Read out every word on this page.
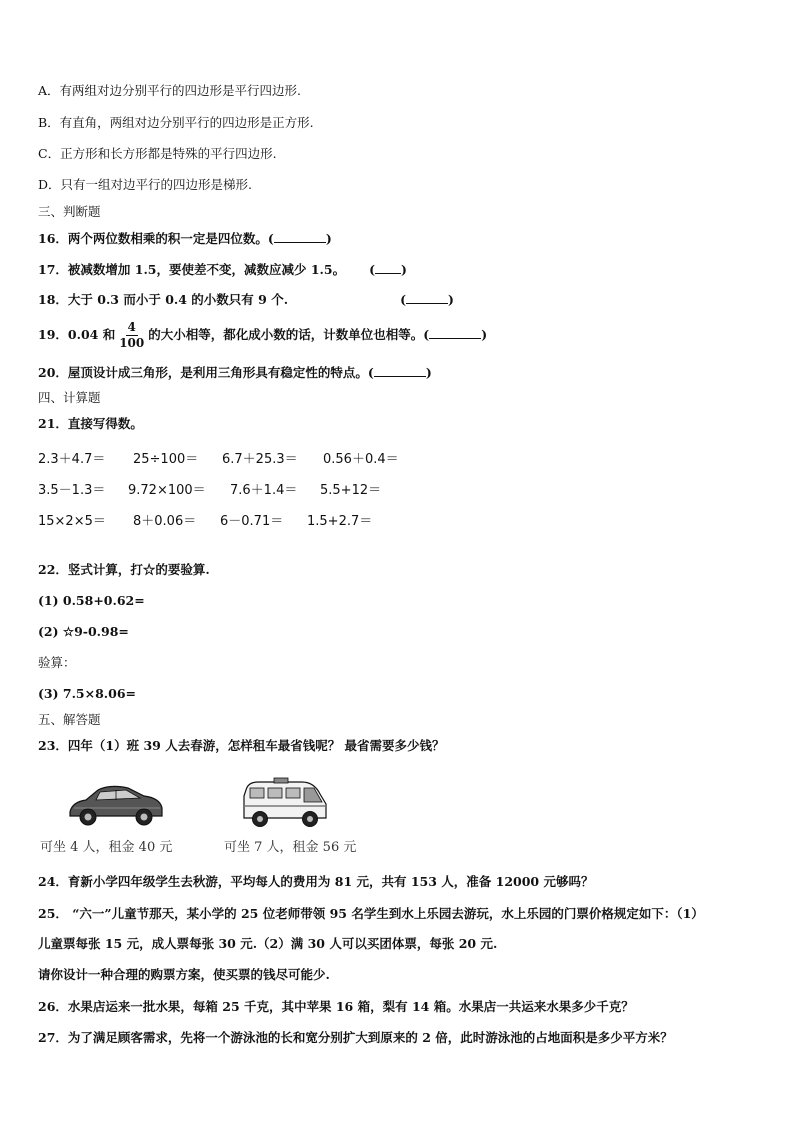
A．有两组对边分别平行的四边形是平行四边形.
B．有直角，两组对边分别平行的四边形是正方形.
C．正方形和长方形都是特殊的平行四边形.
D．只有一组对边平行的四边形是梯形.
三、判断题
16．两个两位数相乘的积一定是四位数。(	)
17．被减数增加 1.5，要使差不变，减数应减少 1.5。 ( )
18．大于 0.3 而小于 0.4 的小数只有 9 个.	(	)
19．0.04 和 $\frac{4}{100}$ 的大小相等，都化成小数的话，计数单位也相等。(	)
20．屋顶设计成三角形，是利用三角形具有稳定性的特点。(	)
四、计算题
21．直接写得数。
2.3＋4.7＝ 25÷100＝ 6.7＋25.3＝ 0.56＋0.4＝
3.5－1.3＝ 9.72×100＝ 7.6＋1.4＝ 5.5+12＝
15×2×5＝ 8＋0.06＝ 6－0.71＝ 1.5+2.7＝
22．竖式计算，打☆的要验算.
(1) 0.58+0.62=
(2) ☆9-0.98=
验算：
(3) 7.5×8.06=
五、解答题
23．四年（1）班 39 人去春游，怎样租车最省钱呢？ 最省需要多少钱？
可坐 4 人，租金 40 元	可坐 7 人，租金 56 元
24．育新小学四年级学生去秋游，平均每人的费用为 81 元，共有 153 人，准备 12000 元够吗？
25． “六一”儿童节那天，某小学的 25 位老师带领 95 名学生到水上乐园去游玩，水上乐园的门票价格规定如下：（1）
儿童票每张 15 元，成人票每张 30 元.（2）满 30 人可以买团体票，每张 20 元.
请你设计一种合理的购票方案，使买票的钱尽可能少.
26．水果店运来一批水果，每箱 25 千克，其中苹果 16 箱，梨有 14 箱。水果店一共运来水果多少千克？
27．为了满足顾客需求，先将一个游泳池的长和宽分别扩大到原来的 2 倍，此时游泳池的占地面积是多少平方米？
